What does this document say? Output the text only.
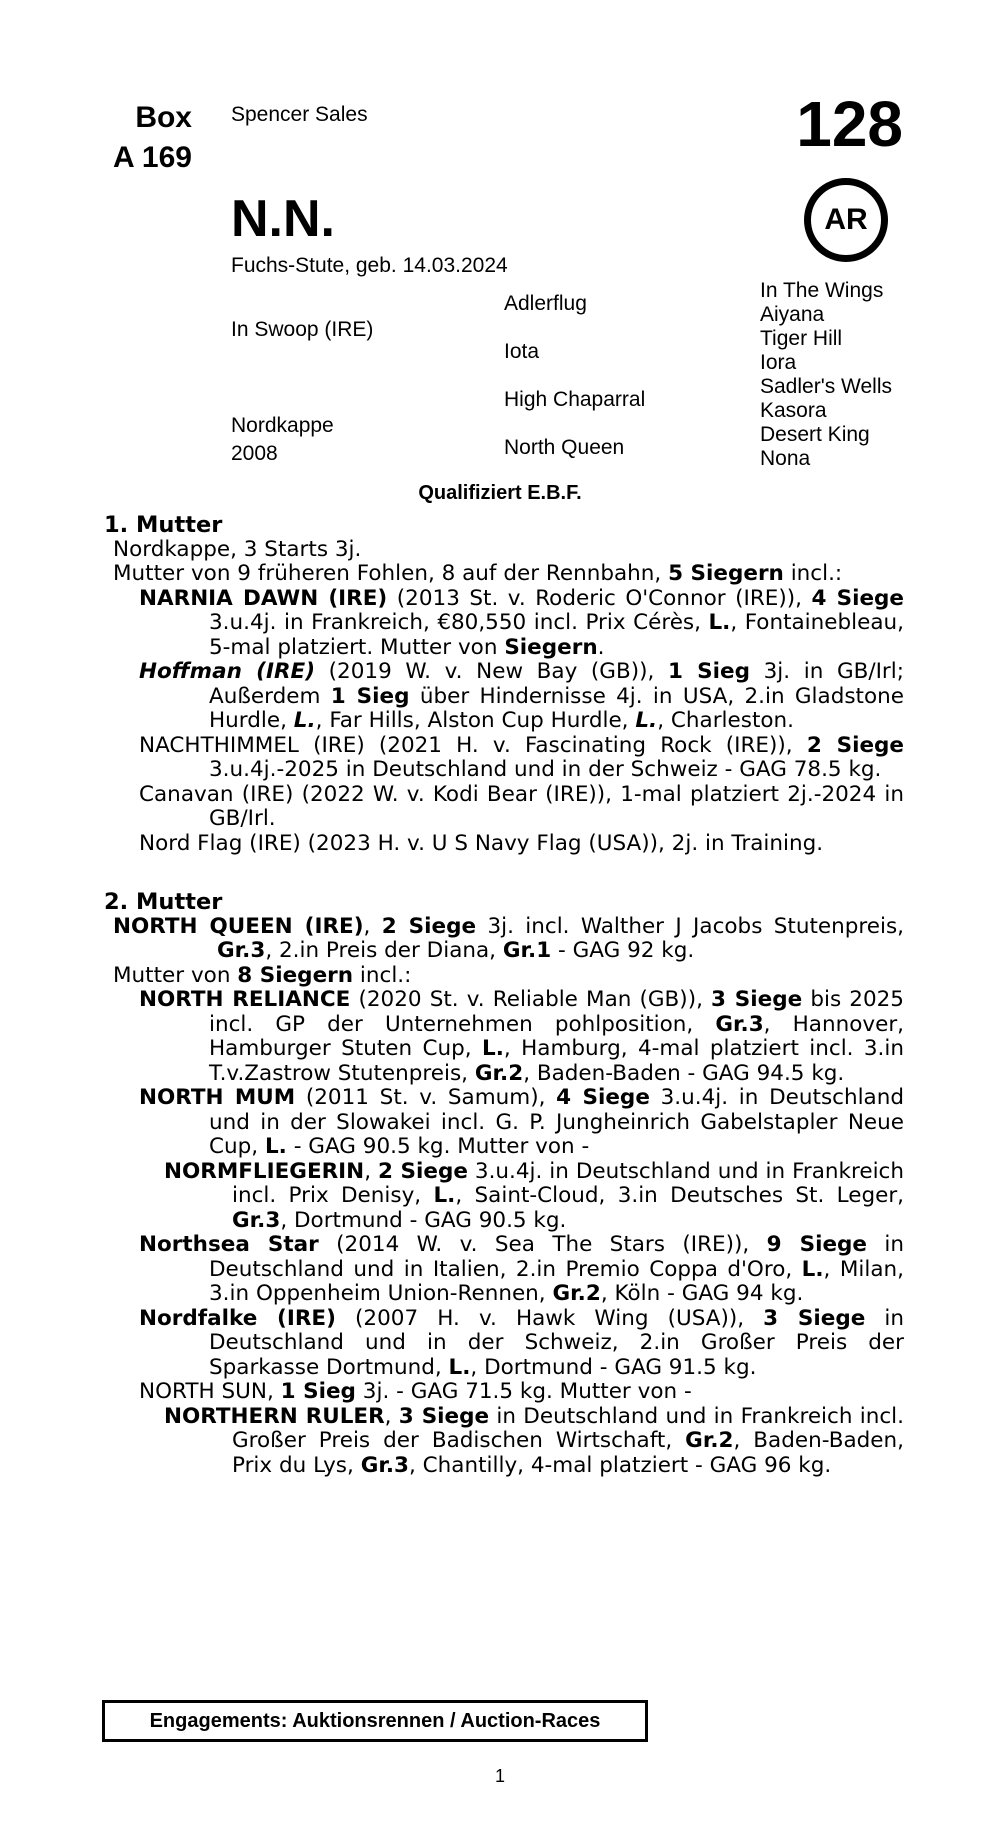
Box
A 169
Spencer Sales	128
AR
N.N.
Fuchs-Stute, geb. 14.03.2024
In Swoop (IRE)
Nordkappe
2008
Adlerflug
Iota
High Chaparral
North Queen
In The Wings
Aiyana
Tiger Hill
Iora
Sadler's Wells
Kasora
Desert King
Nona
Qualifiziert E.B.F.

1. Mutter

Nordkappe, 3 Starts 3j.

Mutter von 9 früheren Fohlen, 8 auf der Rennbahn, 5 Siegern incl.:

NARNIA DAWN (IRE) (2013 St. v. Roderic O'Connor (IRE)), 4 Siege 3.u.4j. in Frankreich, €80,550 incl. Prix Cérès, L., Fontainebleau, 5-mal platziert. Mutter von Siegern.

Hoffman (IRE) (2019 W. v. New Bay (GB)), 1 Sieg 3j. in GB/Irl; Außerdem 1 Sieg über Hindernisse 4j. in USA, 2.in Gladstone Hurdle, L., Far Hills, Alston Cup Hurdle, L., Charleston.

NACHTHIMMEL (IRE) (2021 H. v. Fascinating Rock (IRE)), 2 Siege 3.u.4j.-2025 in Deutschland und in der Schweiz - GAG 78.5 kg.

Canavan (IRE) (2022 W. v. Kodi Bear (IRE)), 1-mal platziert 2j.-2024 in GB/Irl.

Nord Flag (IRE) (2023 H. v. U S Navy Flag (USA)), 2j. in Training.

2. Mutter

NORTH QUEEN (IRE), 2 Siege 3j. incl. Walther J Jacobs Stutenpreis, Gr.3, 2.in Preis der Diana, Gr.1 - GAG 92 kg.

Mutter von 8 Siegern incl.:

NORTH RELIANCE (2020 St. v. Reliable Man (GB)), 3 Siege bis 2025 incl. GP der Unternehmen pohlposition, Gr.3, Hannover, Hamburger Stuten Cup, L., Hamburg, 4-mal platziert incl. 3.in T.v.Zastrow Stutenpreis, Gr.2, Baden-Baden - GAG 94.5 kg.

NORTH MUM (2011 St. v. Samum), 4 Siege 3.u.4j. in Deutschland und in der Slowakei incl. G. P. Jungheinrich Gabelstapler Neue Cup, L. - GAG 90.5 kg. Mutter von -

NORMFLIEGERIN, 2 Siege 3.u.4j. in Deutschland und in Frankreich incl. Prix Denisy, L., Saint-Cloud, 3.in Deutsches St. Leger, Gr.3, Dortmund - GAG 90.5 kg.

Northsea Star (2014 W. v. Sea The Stars (IRE)), 9 Siege in Deutschland und in Italien, 2.in Premio Coppa d'Oro, L., Milan, 3.in Oppenheim Union-Rennen, Gr.2, Köln - GAG 94 kg.

Nordfalke (IRE) (2007 H. v. Hawk Wing (USA)), 3 Siege in Deutschland und in der Schweiz, 2.in Großer Preis der Sparkasse Dortmund, L., Dortmund - GAG 91.5 kg.

NORTH SUN, 1 Sieg 3j. - GAG 71.5 kg. Mutter von -

NORTHERN RULER, 3 Siege in Deutschland und in Frankreich incl. Großer Preis der Badischen Wirtschaft, Gr.2, Baden-Baden, Prix du Lys, Gr.3, Chantilly, 4-mal platziert - GAG 96 kg.

Engagements: Auktionsrennen / Auction-Races
1
